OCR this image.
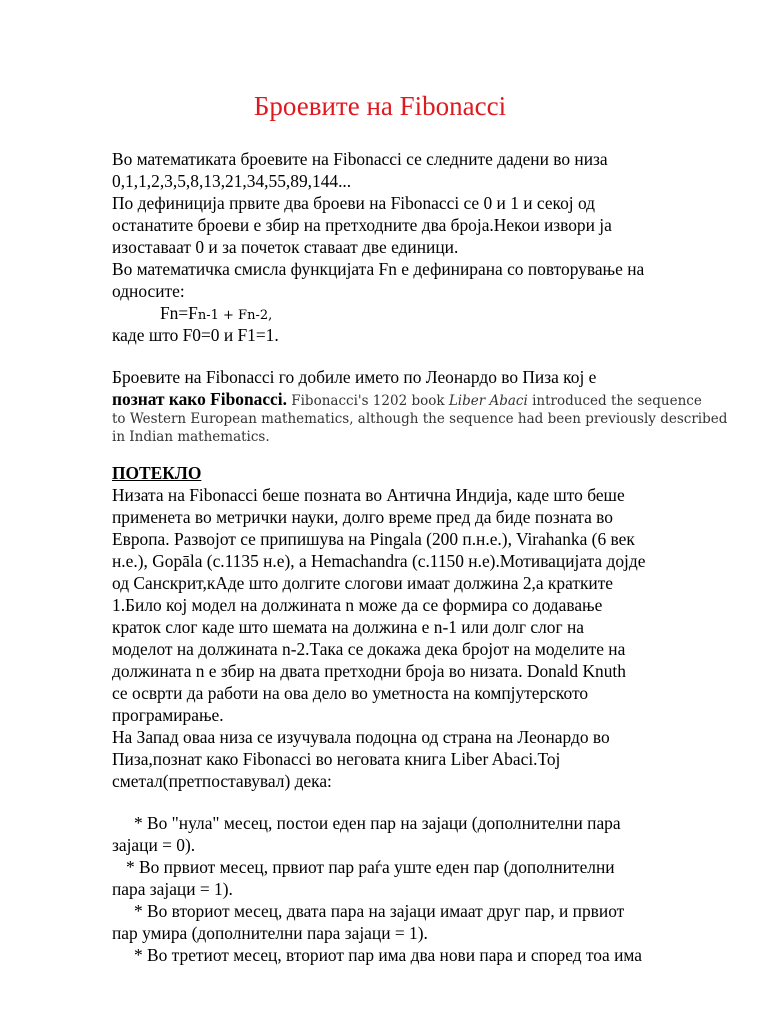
Броевите на Fibonacci
Во математиката броевите на Fibonacci се следните дадени во низа
0,1,1,2,3,5,8,13,21,34,55,89,144...
По дефиниција првите два броеви на Fibonacci се 0 и 1 и секој од
останатите броеви е збир на претходните два броја.Некои извори ја
изоставаат 0 и за почеток ставаат две единици.
Во математичка смисла функцијата Fn е дефинирана со повторување на
односите:
Fn=Fn-1 + Fn-2,
каде што F0=0 и F1=1.
Броевите на Fibonacci го добиле името по Леонардо во Пиза кој е
познат како Fibonacci. Fibonacci's 1202 book Liber Abaci introduced the sequence
to Western European mathematics, although the sequence had been previously described
in Indian mathematics.
ПОТЕКЛО
Низата на Fibonacci беше позната во Антична Индија, каде што беше
применета во метрички науки, долго време пред да биде позната во
Европа. Развојот се припишува на Pingala (200 п.н.е.), Virahanka (6 век
н.е.), Gopāla (c.1135 н.е), а Hemachandra (c.1150 н.е).Мотивацијата дојде
од Санскрит,кАде што долгите слогови имаат должина 2,а кратките
1.Било кој модел на должината n може да се формира со додавање
краток слог каде што шемата на должина е n-1 или долг слог на
моделот на должината n-2.Така се докажа дека бројот на моделите на
должината n е збир на двата претходни броја во низата. Donald Knuth
се осврти да работи на ова дело во уметноста на компјутерското
програмирање.
На Запад оваа низа се изучувала подоцна од страна на Леонардо во
Пиза,познат како Fibonacci во неговата книга Liber Abaci.Тој
сметал(претпоставувал) дека:
* Во "нула" месец, постои еден пар на зајаци (дополнителни пара
зајаци = 0).
* Во првиот месец, првиот пар раѓа уште еден пар (дополнителни
пара зајаци = 1).
* Во вториот месец, двата пара на зајаци имаат друг пар, и првиот
пар умира (дополнителни пара зајаци = 1).
* Во третиот месец, вториот пар има два нови пара и според тоа има
